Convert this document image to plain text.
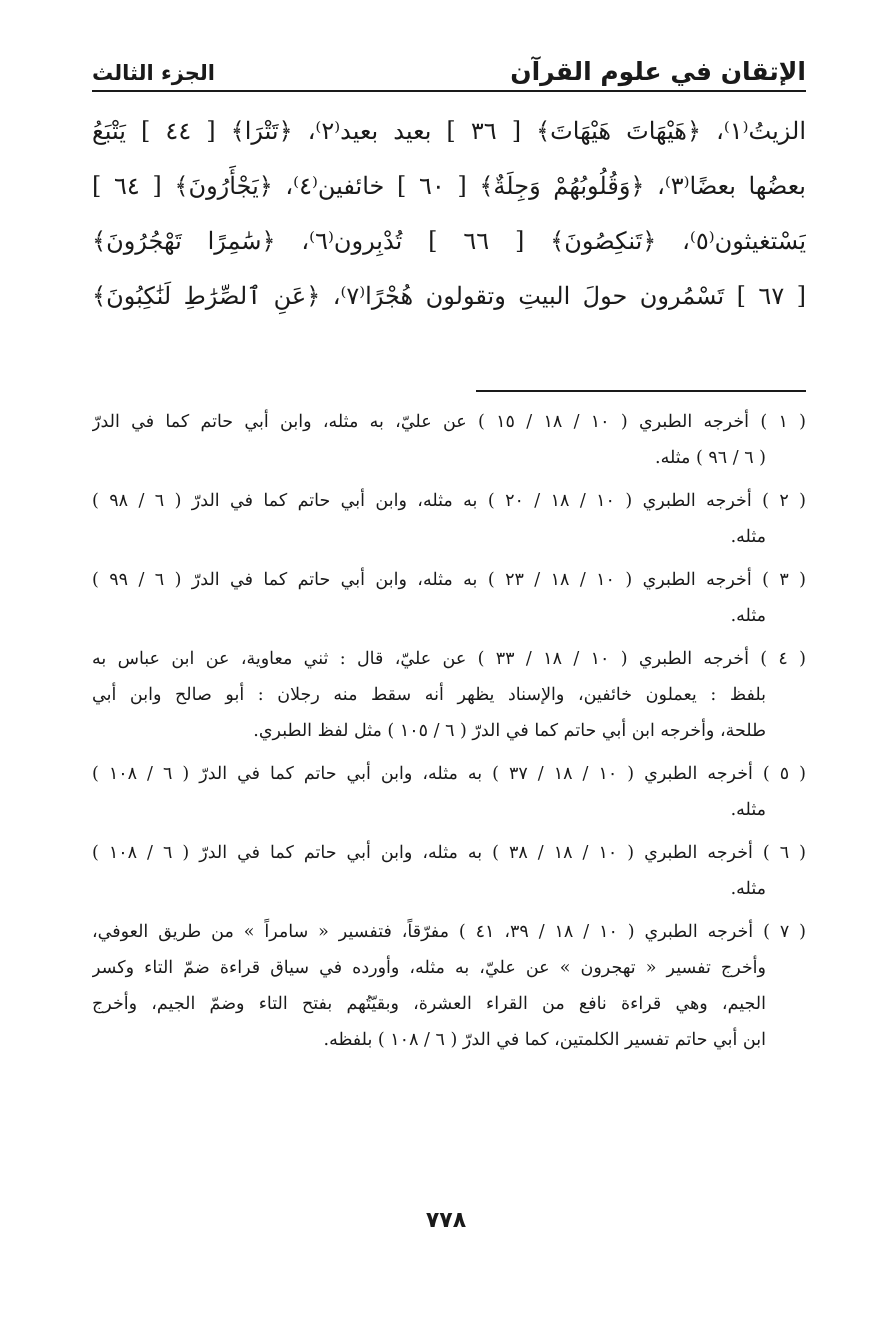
الإتقان في علوم القرآن
الجزء الثالث
الزيتُ⁽١⁾، ﴿هَيْهَاتَ هَيْهَاتَ﴾ [ ٣٦ ] بعيد بعيد⁽٢⁾، ﴿تَتْرَا﴾ [ ٤٤ ] يَتْبَعُ
بعضُها بعضًا⁽٣⁾، ﴿وَقُلُوبُهُمْ وَجِلَةٌ﴾ [ ٦٠ ] خائفين⁽٤⁾، ﴿يَجْأَرُونَ﴾ [ ٦٤ ]
يَسْتغيثون⁽٥⁾، ﴿تَنكِصُونَ﴾ [ ٦٦ ] تُدْبِرون⁽٦⁾، ﴿سَٰمِرًا تَهْجُرُونَ﴾
[ ٦٧ ] تَسْمُرون حولَ البيتِ وتقولون هُجْرًا⁽٧⁾، ﴿عَنِ ٱلصِّرَٰطِ لَنَٰكِبُونَ﴾
( ١ ) أخرجه الطبري ( ١٠ / ١٨ / ١٥ ) عن عليّ، به مثله، وابن أبي حاتم كما في الدرّ
( ٦ / ٩٦ ) مثله.
( ٢ ) أخرجه الطبري ( ١٠ / ١٨ / ٢٠ ) به مثله، وابن أبي حاتم كما في الدرّ ( ٦ / ٩٨ )
مثله.
( ٣ ) أخرجه الطبري ( ١٠ / ١٨ / ٢٣ ) به مثله، وابن أبي حاتم كما في الدرّ ( ٦ / ٩٩ )
مثله.
( ٤ ) أخرجه الطبري ( ١٠ / ١٨ / ٣٣ ) عن عليّ، قال : ثني معاوية، عن ابن عباس به
بلفظ : يعملون خائفين، والإسناد يظهر أنه سقط منه رجلان : أبو صالح وابن أبي
طلحة، وأخرجه ابن أبي حاتم كما في الدرّ ( ٦ / ١٠٥ ) مثل لفظ الطبري.
( ٥ ) أخرجه الطبري ( ١٠ / ١٨ / ٣٧ ) به مثله، وابن أبي حاتم كما في الدرّ ( ٦ / ١٠٨ )
مثله.
( ٦ ) أخرجه الطبري ( ١٠ / ١٨ / ٣٨ ) به مثله، وابن أبي حاتم كما في الدرّ ( ٦ / ١٠٨ )
مثله.
( ٧ ) أخرجه الطبري ( ١٠ / ١٨ / ٣٩، ٤١ ) مفرّقاً، فتفسير « سامراً » من طريق العوفي،
وأخرج تفسير « تهجرون » عن عليّ، به مثله، وأورده في سياق قراءة ضمّ التاء وكسر
الجيم، وهي قراءة نافع من القراء العشرة، وبقيّتُهم بفتح التاء وضمّ الجيم، وأخرج
ابن أبي حاتم تفسير الكلمتين، كما في الدرّ ( ٦ / ١٠٨ ) بلفظه.
٧٧٨
